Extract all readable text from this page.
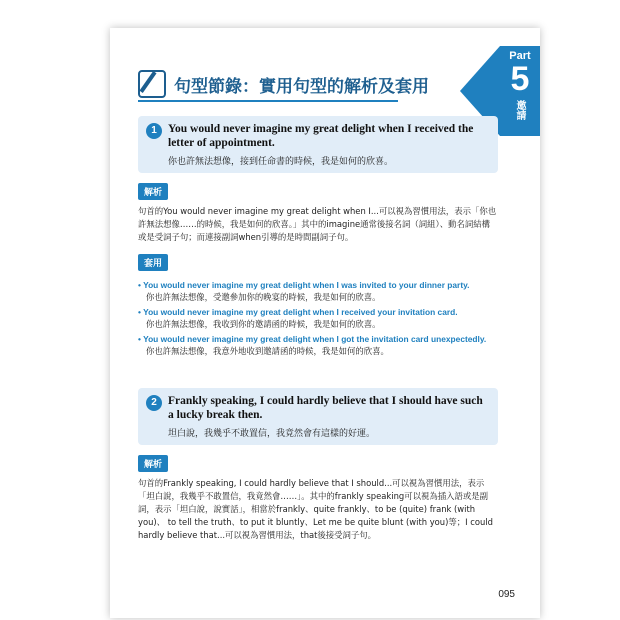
Part
5
邀請
句型節錄：實用句型的解析及套用
1 You would never imagine my great delight when I received the letter of appointment.
你也許無法想像，接到任命書的時候，我是如何的欣喜。
解析
句首的You would never imagine my great delight when I...可以視為習慣用法，表示「你也許無法想像……的時候，我是如何的欣喜。」其中的imagine通常後接名詞（詞組）、動名詞結構或是受詞子句；而連接副詞when引導的是時間副詞子句。
套用
• You would never imagine my great delight when I was invited to your dinner party.
你也許無法想像，受邀參加你的晚宴的時候，我是如何的欣喜。
• You would never imagine my great delight when I received your invitation card.
你也許無法想像，我收到你的邀請函的時候，我是如何的欣喜。
• You would never imagine my great delight when I got the invitation card unexpectedly.
你也許無法想像，我意外地收到邀請函的時候，我是如何的欣喜。
2 Frankly speaking, I could hardly believe that I should have such a lucky break then.
坦白說，我幾乎不敢置信，我竟然會有這樣的好運。
解析
句首的Frankly speaking, I could hardly believe that I should...可以視為習慣用法，表示「坦白說，我幾乎不敢置信，我竟然會……」。其中的frankly speaking可以視為插入語或是副詞，表示「坦白說，說實話」，相當於frankly、quite frankly、to be (quite) frank (with you)、 to tell the truth、to put it bluntly、Let me be quite blunt (with you)等；I could hardly believe that...可以視為習慣用法，that後接受詞子句。
095
